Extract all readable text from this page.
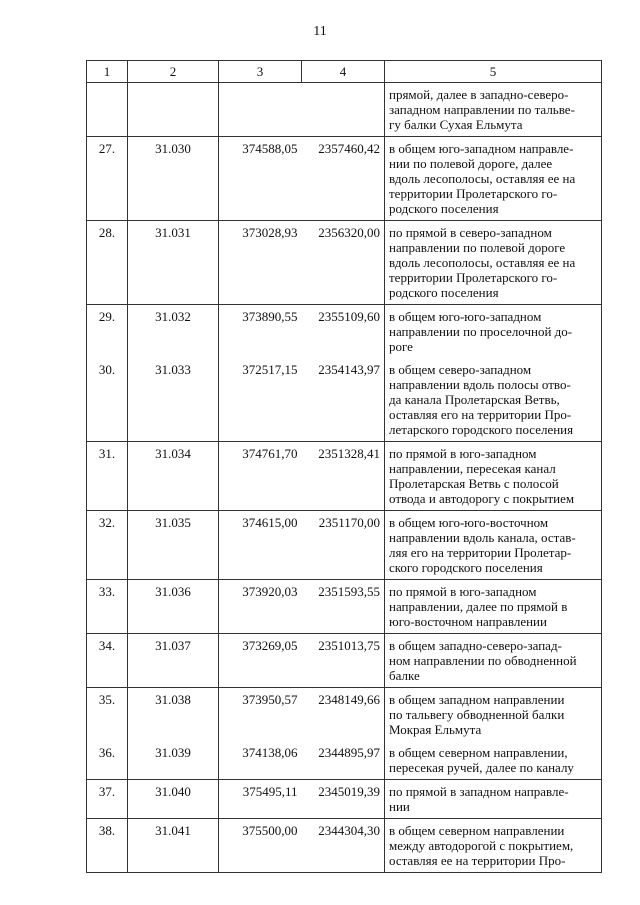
11
1	2	3	4	5

				прямой, далее в западно-северо-
западном направлении по тальве-
гу балки Сухая Ельмута

27.	31.030	374588,05	2357460,42	в общем юго-западном направле-
нии по полевой дороге, далее
вдоль лесополосы, оставляя ее на
территории Пролетарского го-
родского поселения

28.	31.031	373028,93	2356320,00	по прямой в северо-западном
направлении по полевой дороге
вдоль лесополосы, оставляя ее на
территории Пролетарского го-
родского поселения

29.	31.032	373890,55	2355109,60	в общем юго-юго-западном
направлении по проселочной до-
роге

30.	31.033	372517,15	2354143,97	в общем северо-западном
направлении вдоль полосы отво-
да канала Пролетарская Ветвь,
оставляя его на территории Про-
летарского городского поселения

31.	31.034	374761,70	2351328,41	по прямой в юго-западном
направлении, пересекая канал
Пролетарская Ветвь с полосой
отвода и автодорогу с покрытием

32.	31.035	374615,00	2351170,00	в общем юго-юго-восточном
направлении вдоль канала, остав-
ляя его на территории Пролетар-
ского городского поселения

33.	31.036	373920,03	2351593,55	по прямой в юго-западном
направлении, далее по прямой в
юго-восточном направлении

34.	31.037	373269,05	2351013,75	в общем западно-северо-запад-
ном направлении по обводненной
балке

35.	31.038	373950,57	2348149,66	в общем западном направлении
по тальвегу обводненной балки
Мокрая Ельмута

36.	31.039	374138,06	2344895,97	в общем северном направлении,
пересекая ручей, далее по каналу

37.	31.040	375495,11	2345019,39	по прямой в западном направле-
нии

38.	31.041	375500,00	2344304,30	в общем северном направлении
между автодорогой с покрытием,
оставляя ее на территории Про-
